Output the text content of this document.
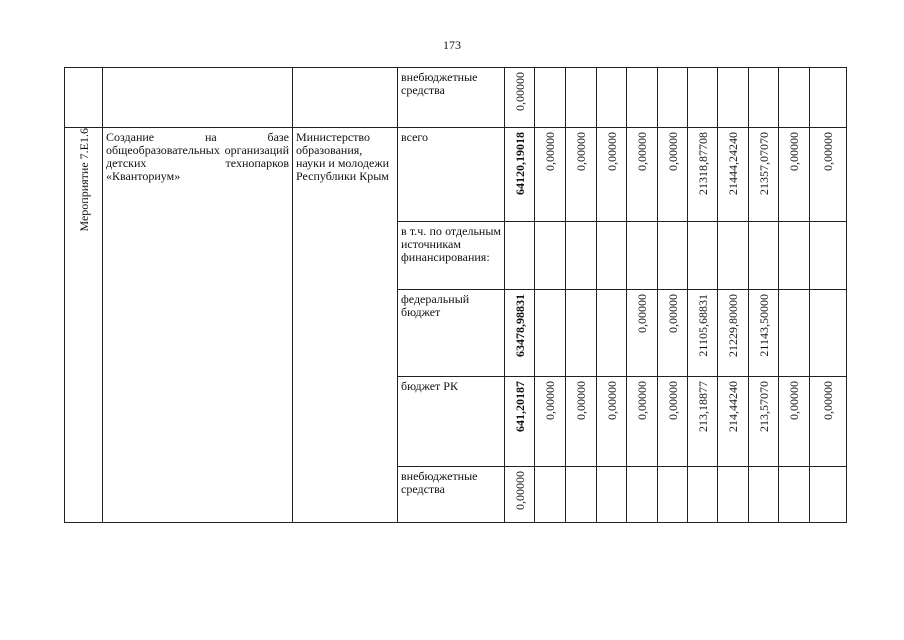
173

			внебюджетные средства	0,00000										

Мероприятие 7.E1.6	Создание на базе общеобразовательных организаций детских технопарков «Кванториум»	Министерство образования, науки и молодежи Республики Крым	всего	64120,19018	0,00000	0,00000	0,00000	0,00000	0,00000	21318,87708	21444,24240	21357,07070	0,00000	0,00000

			в т.ч. по отдельным источникам финансирования:											

			федеральный бюджет	63478,98831				0,00000	0,00000	21105,68831	21229,80000	21143,50000		

			бюджет РК	641,20187	0,00000	0,00000	0,00000	0,00000	0,00000	213,18877	214,44240	213,57070	0,00000	0,00000

			внебюджетные средства	0,00000										
